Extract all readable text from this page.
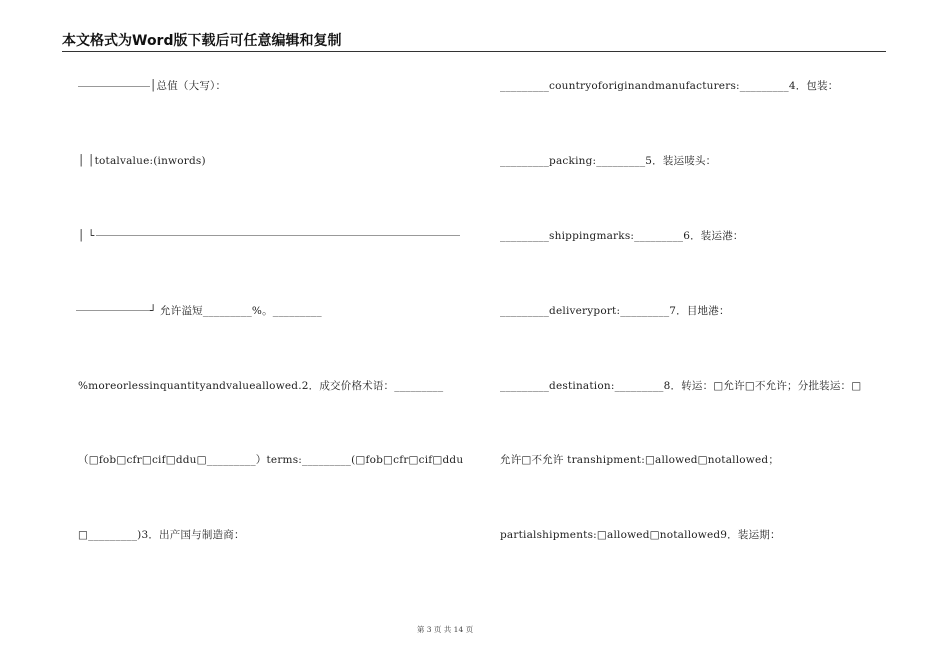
本文格式为Word版下载后可任意编辑和复制
│总值（大写）：
│ │totalvalue:(inwords)
│ └
┘ 允许溢短_________%。_________
%moreorlessinquantityandvalueallowed.2．成交价格术语：_________
（□fob□cfr□cif□ddu□_________）terms:_________(□fob□cfr□cif□ddu
□_________)3．出产国与制造商：
_________countryoforiginandmanufacturers:_________4．包装：
_________packing:_________5．装运唛头：
_________shippingmarks:_________6．装运港：
_________deliveryport:_________7．目地港：
_________destination:_________8．转运：□允许□不允许；分批装运：□
允许□不允许 transhipment:□allowed□notallowed；
partialshipments:□allowed□notallowed9．装运期：
第 3 页 共 14 页
